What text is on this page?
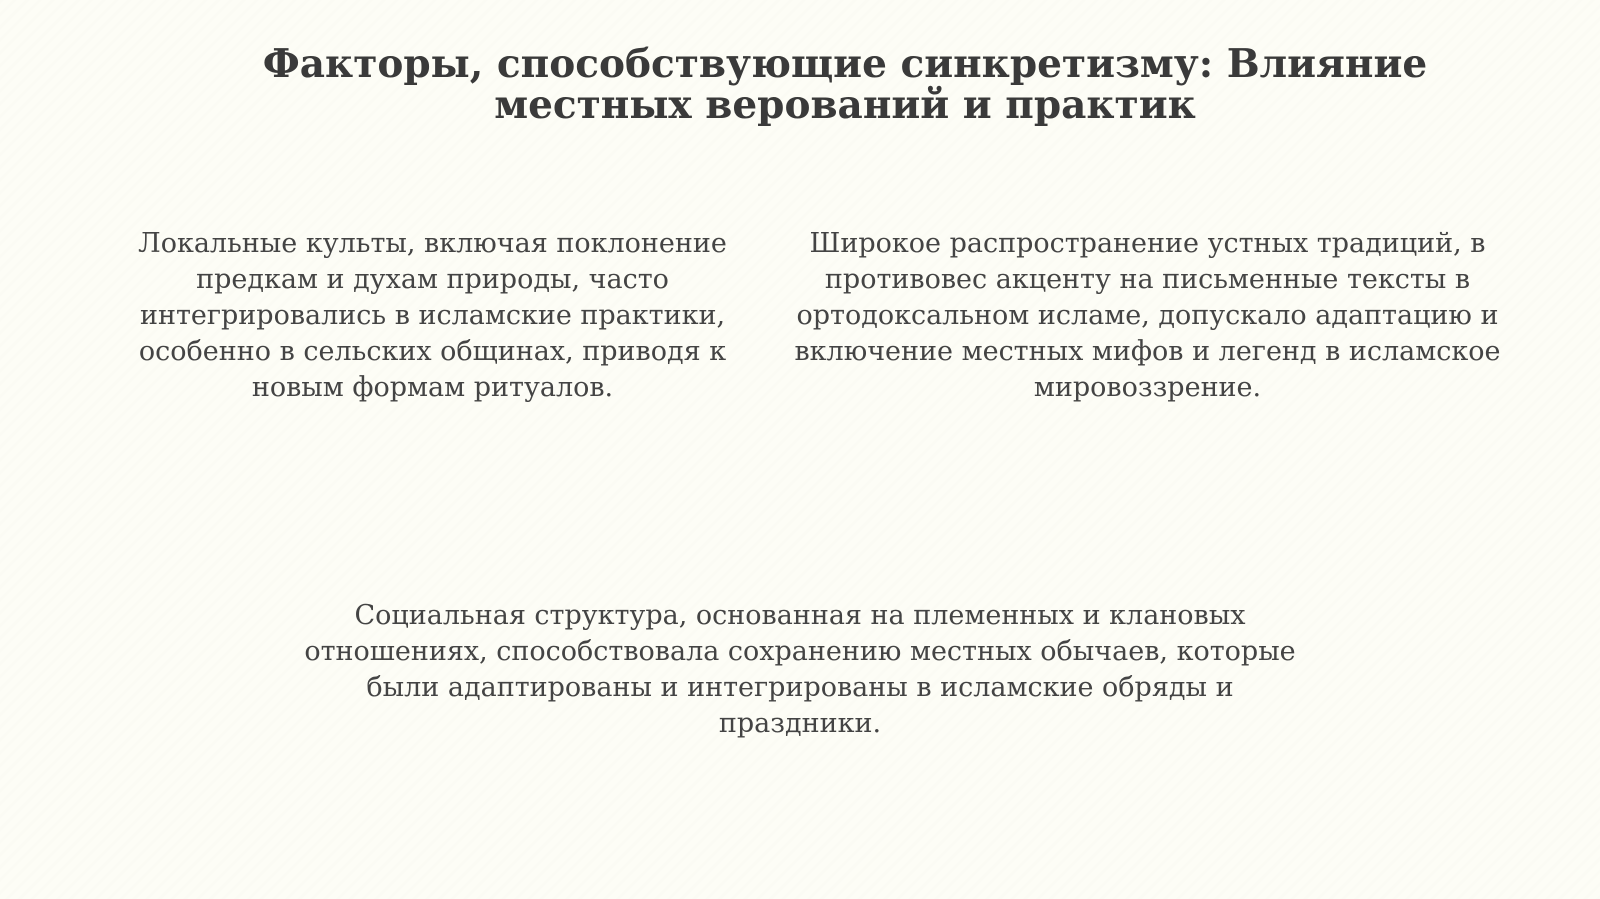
Факторы, способствующие синкретизму: Влияние местных верований и практик

Локальные культы, включая поклонение предкам и духам природы, часто интегрировались в исламские практики, особенно в сельских общинах, приводя к новым формам ритуалов.

Широкое распространение устных традиций, в противовес акценту на письменные тексты в ортодоксальном исламе, допускало адаптацию и включение местных мифов и легенд в исламское мировоззрение.

Социальная структура, основанная на племенных и клановых отношениях, способствовала сохранению местных обычаев, которые были адаптированы и интегрированы в исламские обряды и праздники.
